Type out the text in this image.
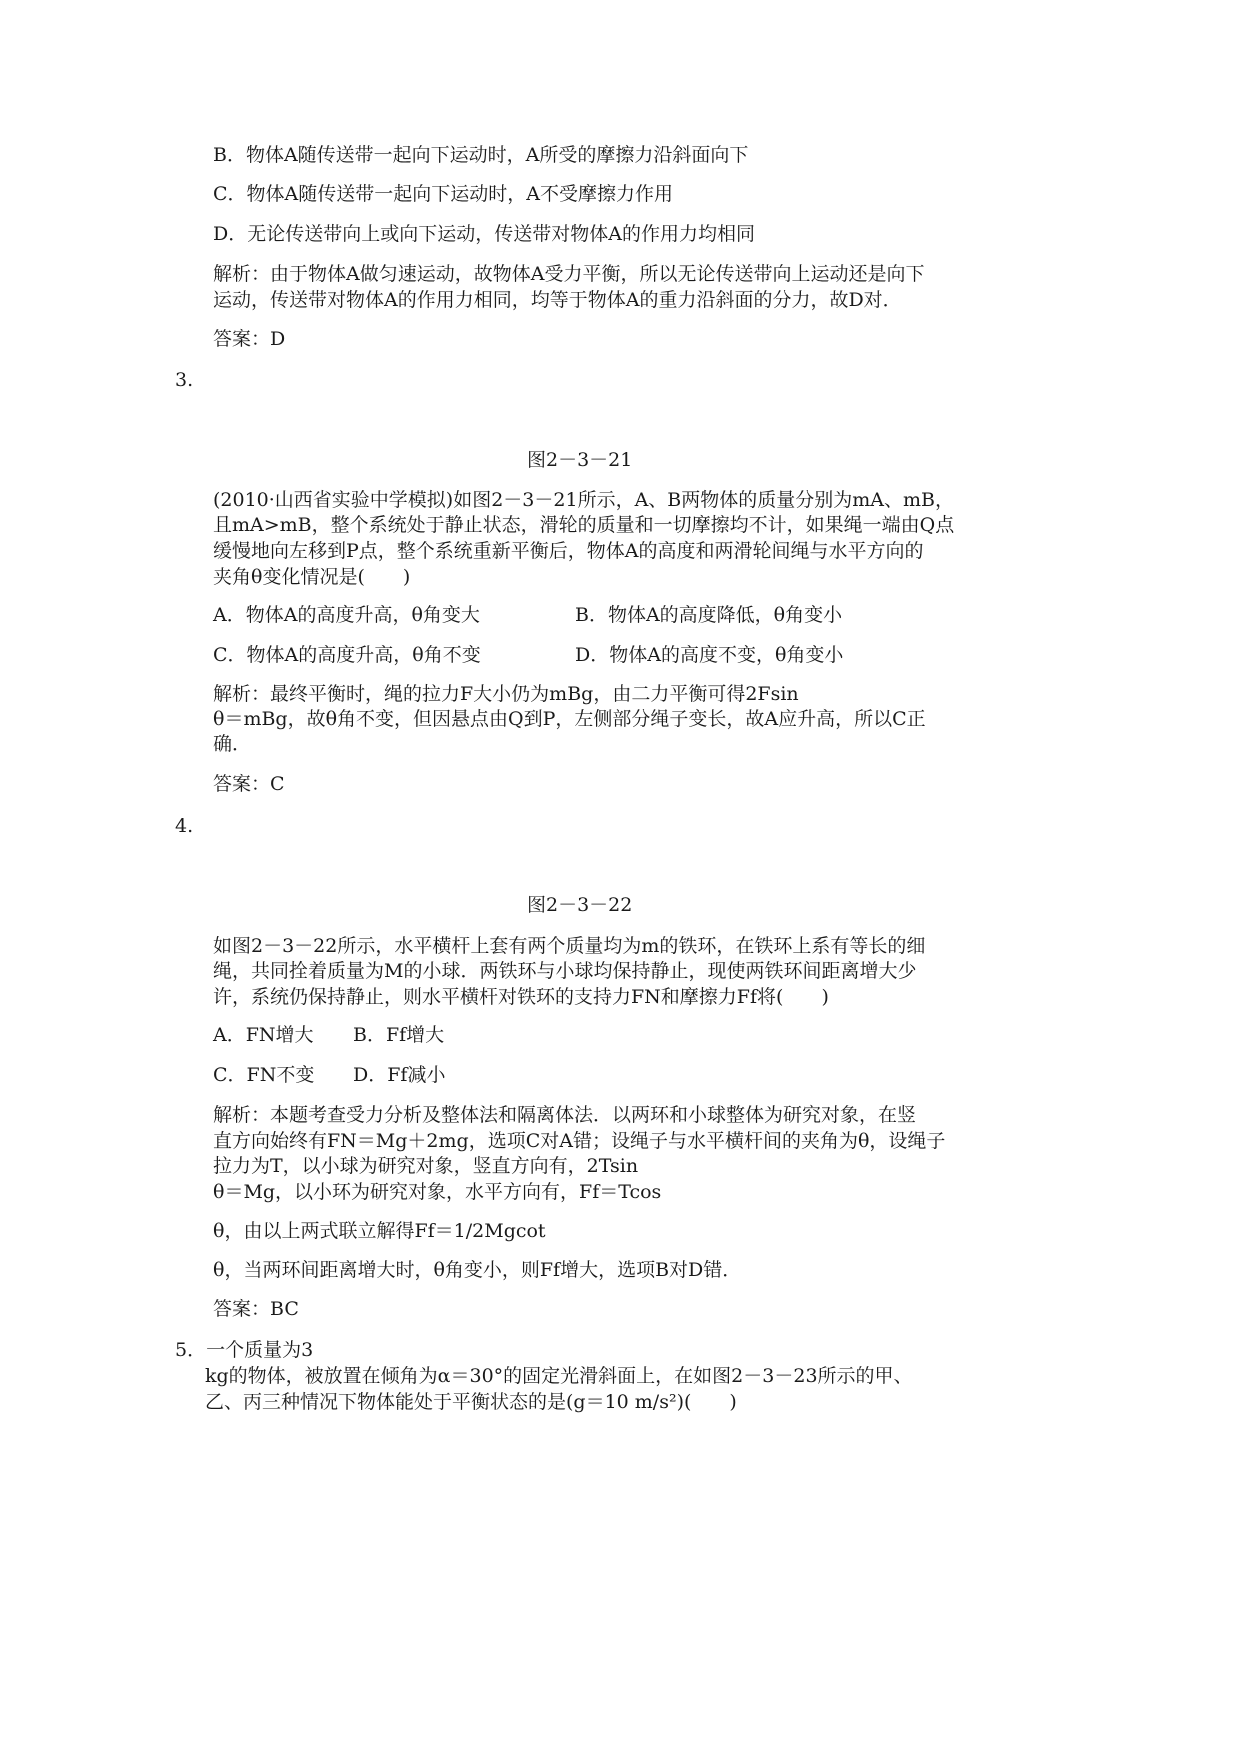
B．物体A随传送带一起向下运动时，A所受的摩擦力沿斜面向下
C．物体A随传送带一起向下运动时，A不受摩擦力作用
D．无论传送带向上或向下运动，传送带对物体A的作用力均相同
解析：由于物体A做匀速运动，故物体A受力平衡，所以无论传送带向上运动还是向下
运动，传送带对物体A的作用力相同，均等于物体A的重力沿斜面的分力，故D对．
答案：D
3.
图2－3－21
(2010·山西省实验中学模拟)如图2－3－21所示，A、B两物体的质量分别为mA、mB，
且mA>mB，整个系统处于静止状态，滑轮的质量和一切摩擦均不计，如果绳一端由Q点
缓慢地向左移到P点，整个系统重新平衡后，物体A的高度和两滑轮间绳与水平方向的
夹角θ变化情况是(　　)
A．物体A的高度升高，θ角变大	B．物体A的高度降低，θ角变小
C．物体A的高度升高，θ角不变	D．物体A的高度不变，θ角变小
解析：最终平衡时，绳的拉力F大小仍为mBg，由二力平衡可得2Fsin
θ＝mBg，故θ角不变，但因悬点由Q到P，左侧部分绳子变长，故A应升高，所以C正
确．
答案：C
4.
图2－3－22
如图2－3－22所示，水平横杆上套有两个质量均为m的铁环，在铁环上系有等长的细
绳，共同拴着质量为M的小球．两铁环与小球均保持静止，现使两铁环间距离增大少
许，系统仍保持静止，则水平横杆对铁环的支持力FN和摩擦力Ff将(　　)
A．FN增大 B．Ff增大
C．FN不变 D．Ff减小
解析：本题考查受力分析及整体法和隔离体法．以两环和小球整体为研究对象，在竖
直方向始终有FN＝Mg＋2mg，选项C对A错；设绳子与水平横杆间的夹角为θ，设绳子
拉力为T，以小球为研究对象，竖直方向有，2Tsin
θ＝Mg，以小环为研究对象，水平方向有，Ff＝Tcos
θ，由以上两式联立解得Ff＝1/2Mgcot
θ，当两环间距离增大时，θ角变小，则Ff增大，选项B对D错．
答案：BC
5．一个质量为3
kg的物体，被放置在倾角为α＝30°的固定光滑斜面上，在如图2－3－23所示的甲、
乙、丙三种情况下物体能处于平衡状态的是(g＝10 m/s²)(　　)
